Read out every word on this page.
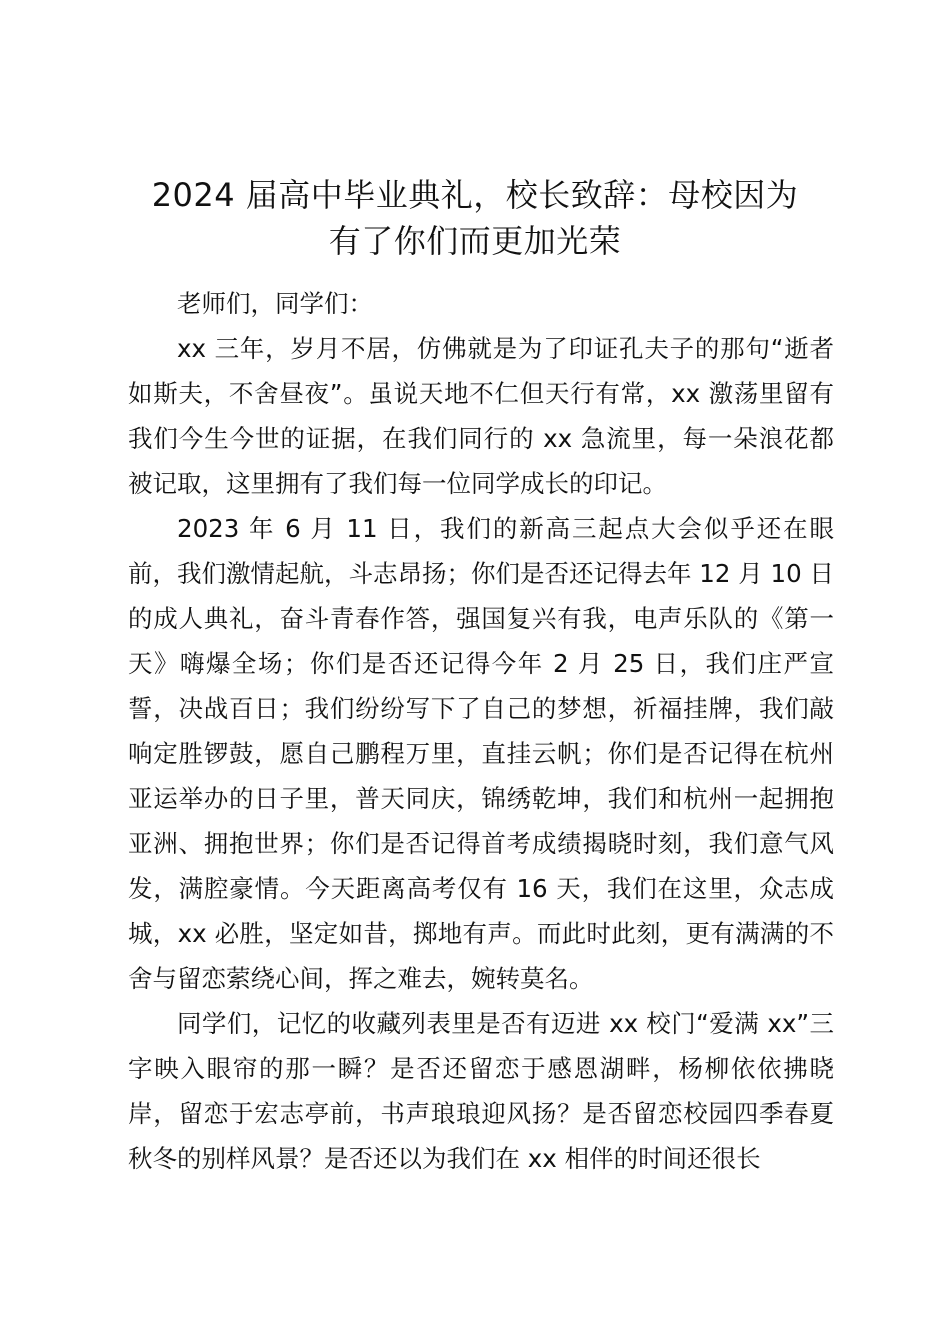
2024 届高中毕业典礼，校长致辞：母校因为
有了你们而更加光荣

老师们，同学们：

xx 三年，岁月不居，仿佛就是为了印证孔夫子的那句“逝者如斯夫，不舍昼夜”。虽说天地不仁但天行有常，xx 激荡里留有我们今生今世的证据，在我们同行的 xx 急流里，每一朵浪花都被记取，这里拥有了我们每一位同学成长的印记。

2023 年 6 月 11 日，我们的新高三起点大会似乎还在眼前，我们激情起航，斗志昂扬；你们是否还记得去年 12 月 10 日的成人典礼，奋斗青春作答，强国复兴有我，电声乐队的《第一天》嗨爆全场；你们是否还记得今年 2 月 25 日，我们庄严宣誓，决战百日；我们纷纷写下了自己的梦想，祈福挂牌，我们敲响定胜锣鼓，愿自己鹏程万里，直挂云帆；你们是否记得在杭州亚运举办的日子里，普天同庆，锦绣乾坤，我们和杭州一起拥抱亚洲、拥抱世界；你们是否记得首考成绩揭晓时刻，我们意气风发，满腔豪情。今天距离高考仅有 16 天，我们在这里，众志成城，xx 必胜，坚定如昔，掷地有声。而此时此刻，更有满满的不舍与留恋萦绕心间，挥之难去，婉转莫名。

同学们，记忆的收藏列表里是否有迈进 xx 校门“爱满 xx”三字映入眼帘的那一瞬？是否还留恋于感恩湖畔，杨柳依依拂晓岸，留恋于宏志亭前，书声琅琅迎风扬？是否留恋校园四季春夏秋冬的别样风景？是否还以为我们在 xx 相伴的时间还很长
